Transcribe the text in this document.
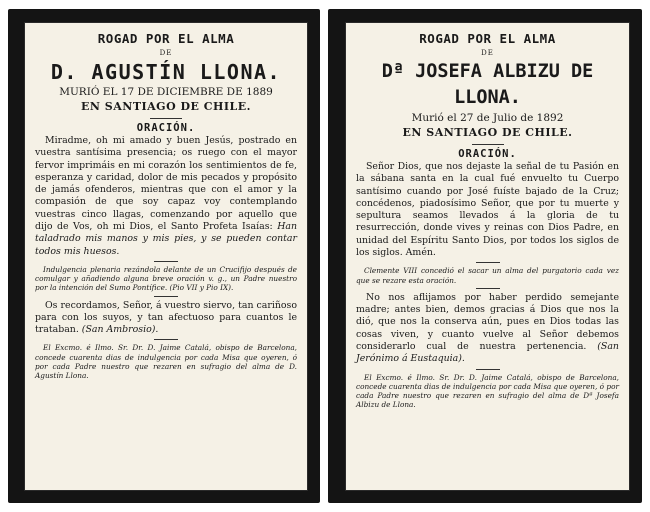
ROGAD POR EL ALMA

DE

D. AGUSTÍN LLONA.

MURIÓ EL 17 DE DICIEMBRE DE 1889

EN SANTIAGO DE CHILE.

ORACIÓN.

Miradme, oh mi amado y buen Jesús, postrado en vuestra santísima presencia; os ruego con el mayor fervor imprimáis en mi corazón los sentimientos de fe, esperanza y caridad, dolor de mis pecados y propósito de jamás ofenderos, mientras que con el amor y la compasión de que soy capaz voy contemplando vuestras cinco llagas, comenzando por aquello que dijo de Vos, oh mi Dios, el Santo Profeta Isaías: Han taladrado mis manos y mis pies, y se pueden contar todos mis huesos.

Indulgencia plenaria rezándola delante de un Crucifijo después de comulgar y añadiendo alguna breve oración v. g., un Padre nuestro por la intención del Sumo Pontífice. (Pio VII y Pio IX).

Os recordamos, Señor, á vuestro siervo, tan cariñoso para con los suyos, y tan afectuoso para cuantos le trataban. (San Ambrosio).

El Excmo. é Ilmo. Sr. Dr. D. Jaime Catalá, obispo de Barcelona, concede cuarenta dias de indulgencia por cada Misa que oyeren, ó por cada Padre nuestro que rezaren en sufragio del alma de D. Agustín Llona.

ROGAD POR EL ALMA

DE

Dª JOSEFA ALBIZU DE LLONA.

Murió el 27 de Julio de 1892

EN SANTIAGO DE CHILE.

ORACIÓN.

Señor Dios, que nos dejaste la señal de tu Pasión en la sábana santa en la cual fué envuelto tu Cuerpo santísimo cuando por José fuíste bajado de la Cruz; concédenos, piadosísimo Señor, que por tu muerte y sepultura seamos llevados á la gloria de tu resurrección, donde vives y reinas con Dios Padre, en unidad del Espíritu Santo Dios, por todos los siglos de los siglos. Amén.

Clemente VIII concedió el sacar un alma del purgatorio cada vez que se rezare esta oración.

No nos aflijamos por haber perdido semejante madre; antes bien, demos gracias á Dios que nos la dió, que nos la conserva aún, pues en Dios todas las cosas viven, y cuanto vuelve al Señor debemos considerarlo cual de nuestra pertenencia. (San Jerónimo á Eustaquia).

El Excmo. é Ilmo. Sr. Dr. D. Jaime Catalá, obispo de Barcelona, concede cuarenta dias de indulgencia por cada Misa que oyeren, ó por cada Padre nuestro que rezaren en sufragio del alma de Dª Josefa Albizu de Llona.
